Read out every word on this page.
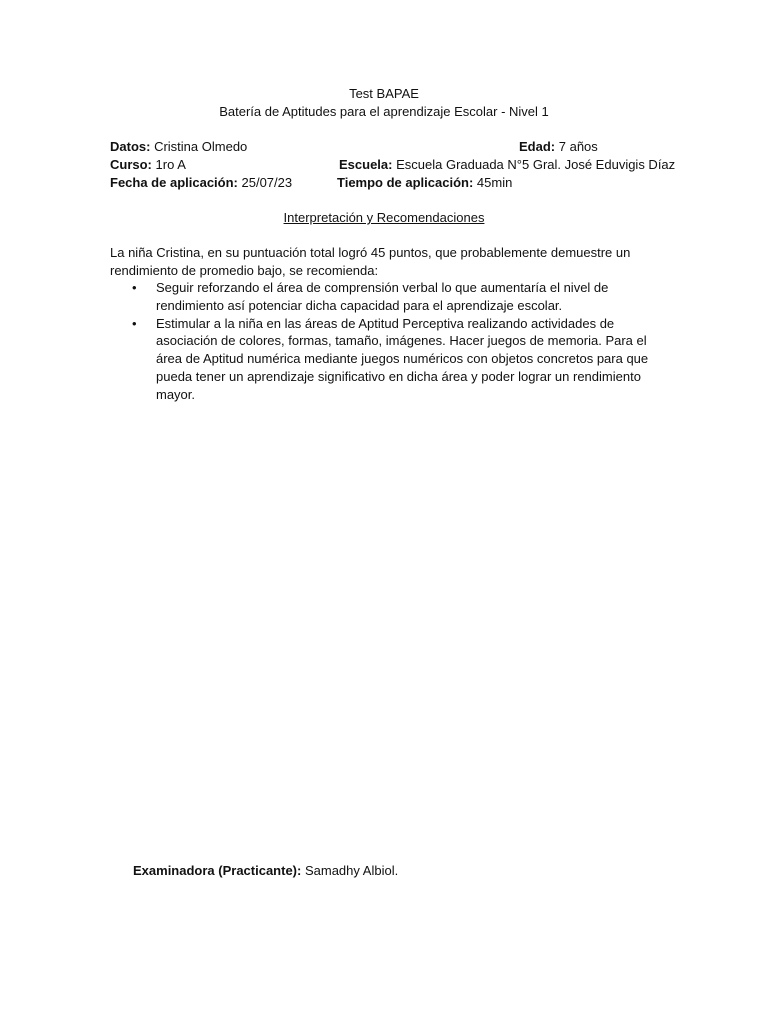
Test BAPAE
Batería de Aptitudes para el aprendizaje Escolar - Nivel 1
Datos: Cristina Olmedo	Edad: 7 años
Curso: 1ro A	Escuela: Escuela Graduada N°5 Gral. José Eduvigis Díaz
Fecha de aplicación: 25/07/23	Tiempo de aplicación: 45min
Interpretación y Recomendaciones
La niña Cristina, en su puntuación total logró 45 puntos, que probablemente demuestre un rendimiento de promedio bajo, se recomienda:
• Seguir reforzando el área de comprensión verbal lo que aumentaría el nivel de rendimiento así potenciar dicha capacidad para el aprendizaje escolar.
• Estimular a la niña en las áreas de Aptitud Perceptiva realizando actividades de asociación de colores, formas, tamaño, imágenes. Hacer juegos de memoria. Para el área de Aptitud numérica mediante juegos numéricos con objetos concretos para que pueda tener un aprendizaje significativo en dicha área y poder lograr un rendimiento mayor.
Examinadora (Practicante): Samadhy Albiol.
